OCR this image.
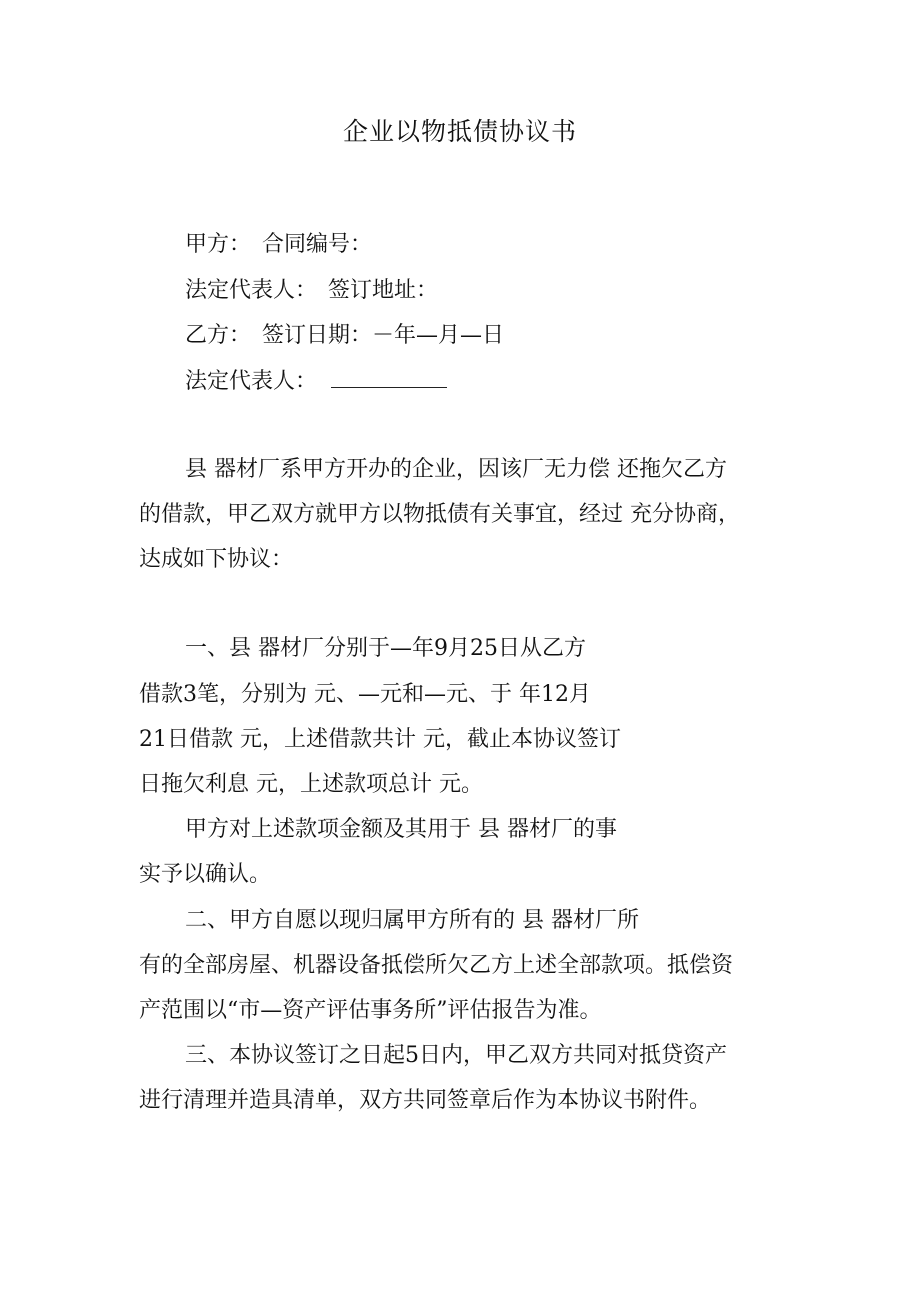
企业以物抵债协议书
甲方：　合同编号：
法定代表人：　签订地址：
乙方：　签订日期：－年—月—日
法定代表人：
县 器材厂系甲方开办的企业，因该厂无力偿 还拖欠乙方
的借款，甲乙双方就甲方以物抵债有关事宜，经过 充分协商，
达成如下协议：
一、县 器材厂分别于—年9月25日从乙方
借款3笔，分别为 元、—元和—元、于 年12月
21日借款 元，上述借款共计 元，截止本协议签订
日拖欠利息 元，上述款项总计 元。
甲方对上述款项金额及其用于 县 器材厂的事
实予以确认。
二、甲方自愿以现归属甲方所有的 县 器材厂所
有的全部房屋、机器设备抵偿所欠乙方上述全部款项。抵偿资
产范围以“市—资产评估事务所”评估报告为准。
三、本协议签订之日起5日内，甲乙双方共同对抵贷资产
进行清理并造具清单，双方共同签章后作为本协议书附件。
